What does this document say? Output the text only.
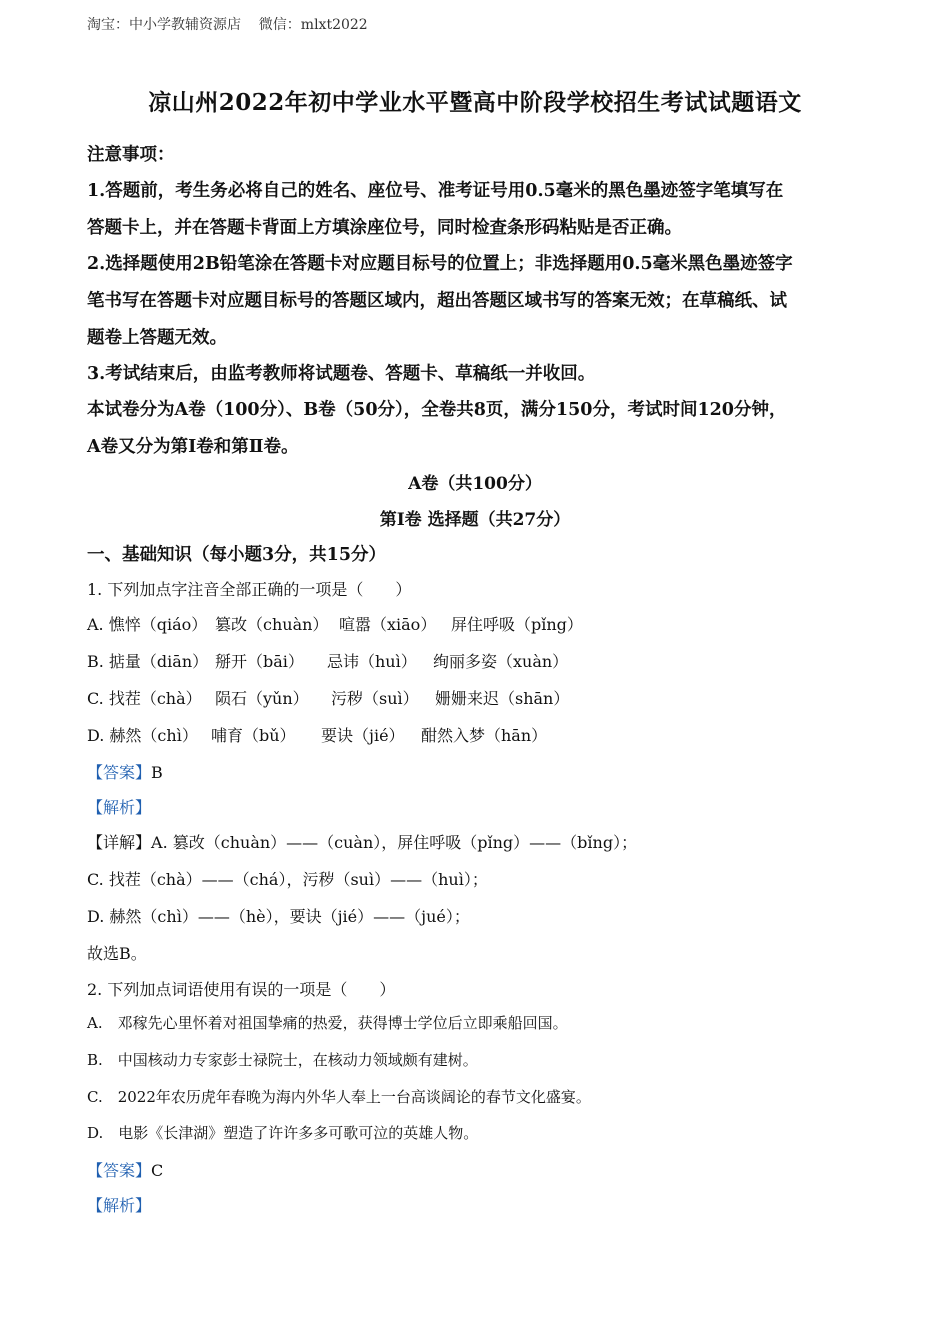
淘宝：中小学教辅资源店    微信：mlxt2022
凉山州2022年初中学业水平暨高中阶段学校招生考试试题语文
注意事项：
1.答题前，考生务必将自己的姓名、座位号、准考证号用0.5毫米的黑色墨迹签字笔填写在
答题卡上，并在答题卡背面上方填涂座位号，同时检查条形码粘贴是否正确。
2.选择题使用2B铅笔涂在答题卡对应题目标号的位置上；非选择题用0.5毫米黑色墨迹签字
笔书写在答题卡对应题目标号的答题区域内，超出答题区域书写的答案无效；在草稿纸、试
题卷上答题无效。
3.考试结束后，由监考教师将试题卷、答题卡、草稿纸一并收回。
本试卷分为A卷（100分）、B卷（50分），全卷共8页，满分150分，考试时间120分钟，
A卷又分为第Ⅰ卷和第Ⅱ卷。
A卷（共100分）
第Ⅰ卷 选择题（共27分）
一、基础知识（每小题3分，共15分）
1. 下列加点字注音全部正确的一项是（　　）
A. 憔悴（qiáo） 篡改（chuàn） 喧嚣（xiāo） 屏住呼吸（pǐng）
B. 掂量（diān） 掰开（bāi） 忌讳（huì） 绚丽多姿（xuàn）
C. 找茬（chà） 陨石（yǔn） 污秽（suì） 姗姗来迟（shān）
D. 赫然（chì） 哺育（bǔ） 要诀（jié） 酣然入梦（hān）
【答案】B
【解析】
【详解】A. 篡改（chuàn）——（cuàn），屏住呼吸（pǐng）——（bǐng）；
C. 找茬（chà）——（chá），污秽（suì）——（huì）；
D. 赫然（chì）——（hè），要诀（jié）——（jué）；
故选B。
2. 下列加点词语使用有误的一项是（　　）
A.　邓稼先心里怀着对祖国挚痛的热爱，获得博士学位后立即乘船回国。
B.　中国核动力专家彭士禄院士，在核动力领域颇有建树。
C.　2022年农历虎年春晚为海内外华人奉上一台高谈阔论的春节文化盛宴。
D.　电影《长津湖》塑造了许许多多可歌可泣的英雄人物。
【答案】C
【解析】
